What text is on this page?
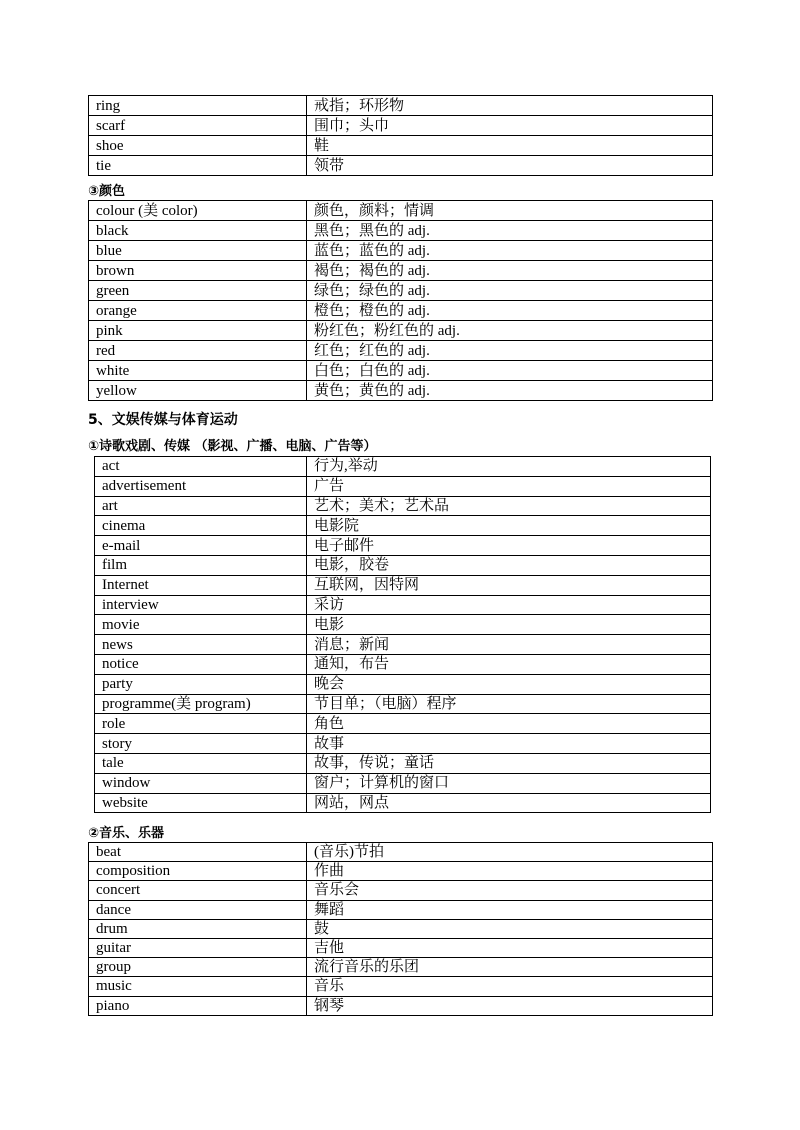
ring	戒指；环形物
scarf	围巾；头巾
shoe	鞋
tie	领带
③颜色
colour (美 color)	颜色，颜料；情调
black	黑色；黑色的 adj.
blue	蓝色；蓝色的 adj.
brown	褐色；褐色的 adj.
green	绿色；绿色的 adj.
orange	橙色；橙色的 adj.
pink	粉红色；粉红色的 adj.
red	红色；红色的 adj.
white	白色；白色的 adj.
yellow	黄色；黄色的 adj.
5、文娱传媒与体育运动
①诗歌戏剧、传媒 （影视、广播、电脑、广告等）
act	行为,举动
advertisement	广告
art	艺术；美术；艺术品
cinema	电影院
e-mail	电子邮件
film	电影，胶卷
Internet	互联网，因特网
interview	采访
movie	电影
news	消息；新闻
notice	通知，布告
party	晚会
programme(美 program)	节目单；（电脑）程序
role	角色
story	故事
tale	故事，传说；童话
window	窗户；计算机的窗口
website	网站，网点
②音乐、乐器
beat	(音乐)节拍
composition	作曲
concert	音乐会
dance	舞蹈
drum	鼓
guitar	吉他
group	流行音乐的乐团
music	音乐
piano	钢琴
